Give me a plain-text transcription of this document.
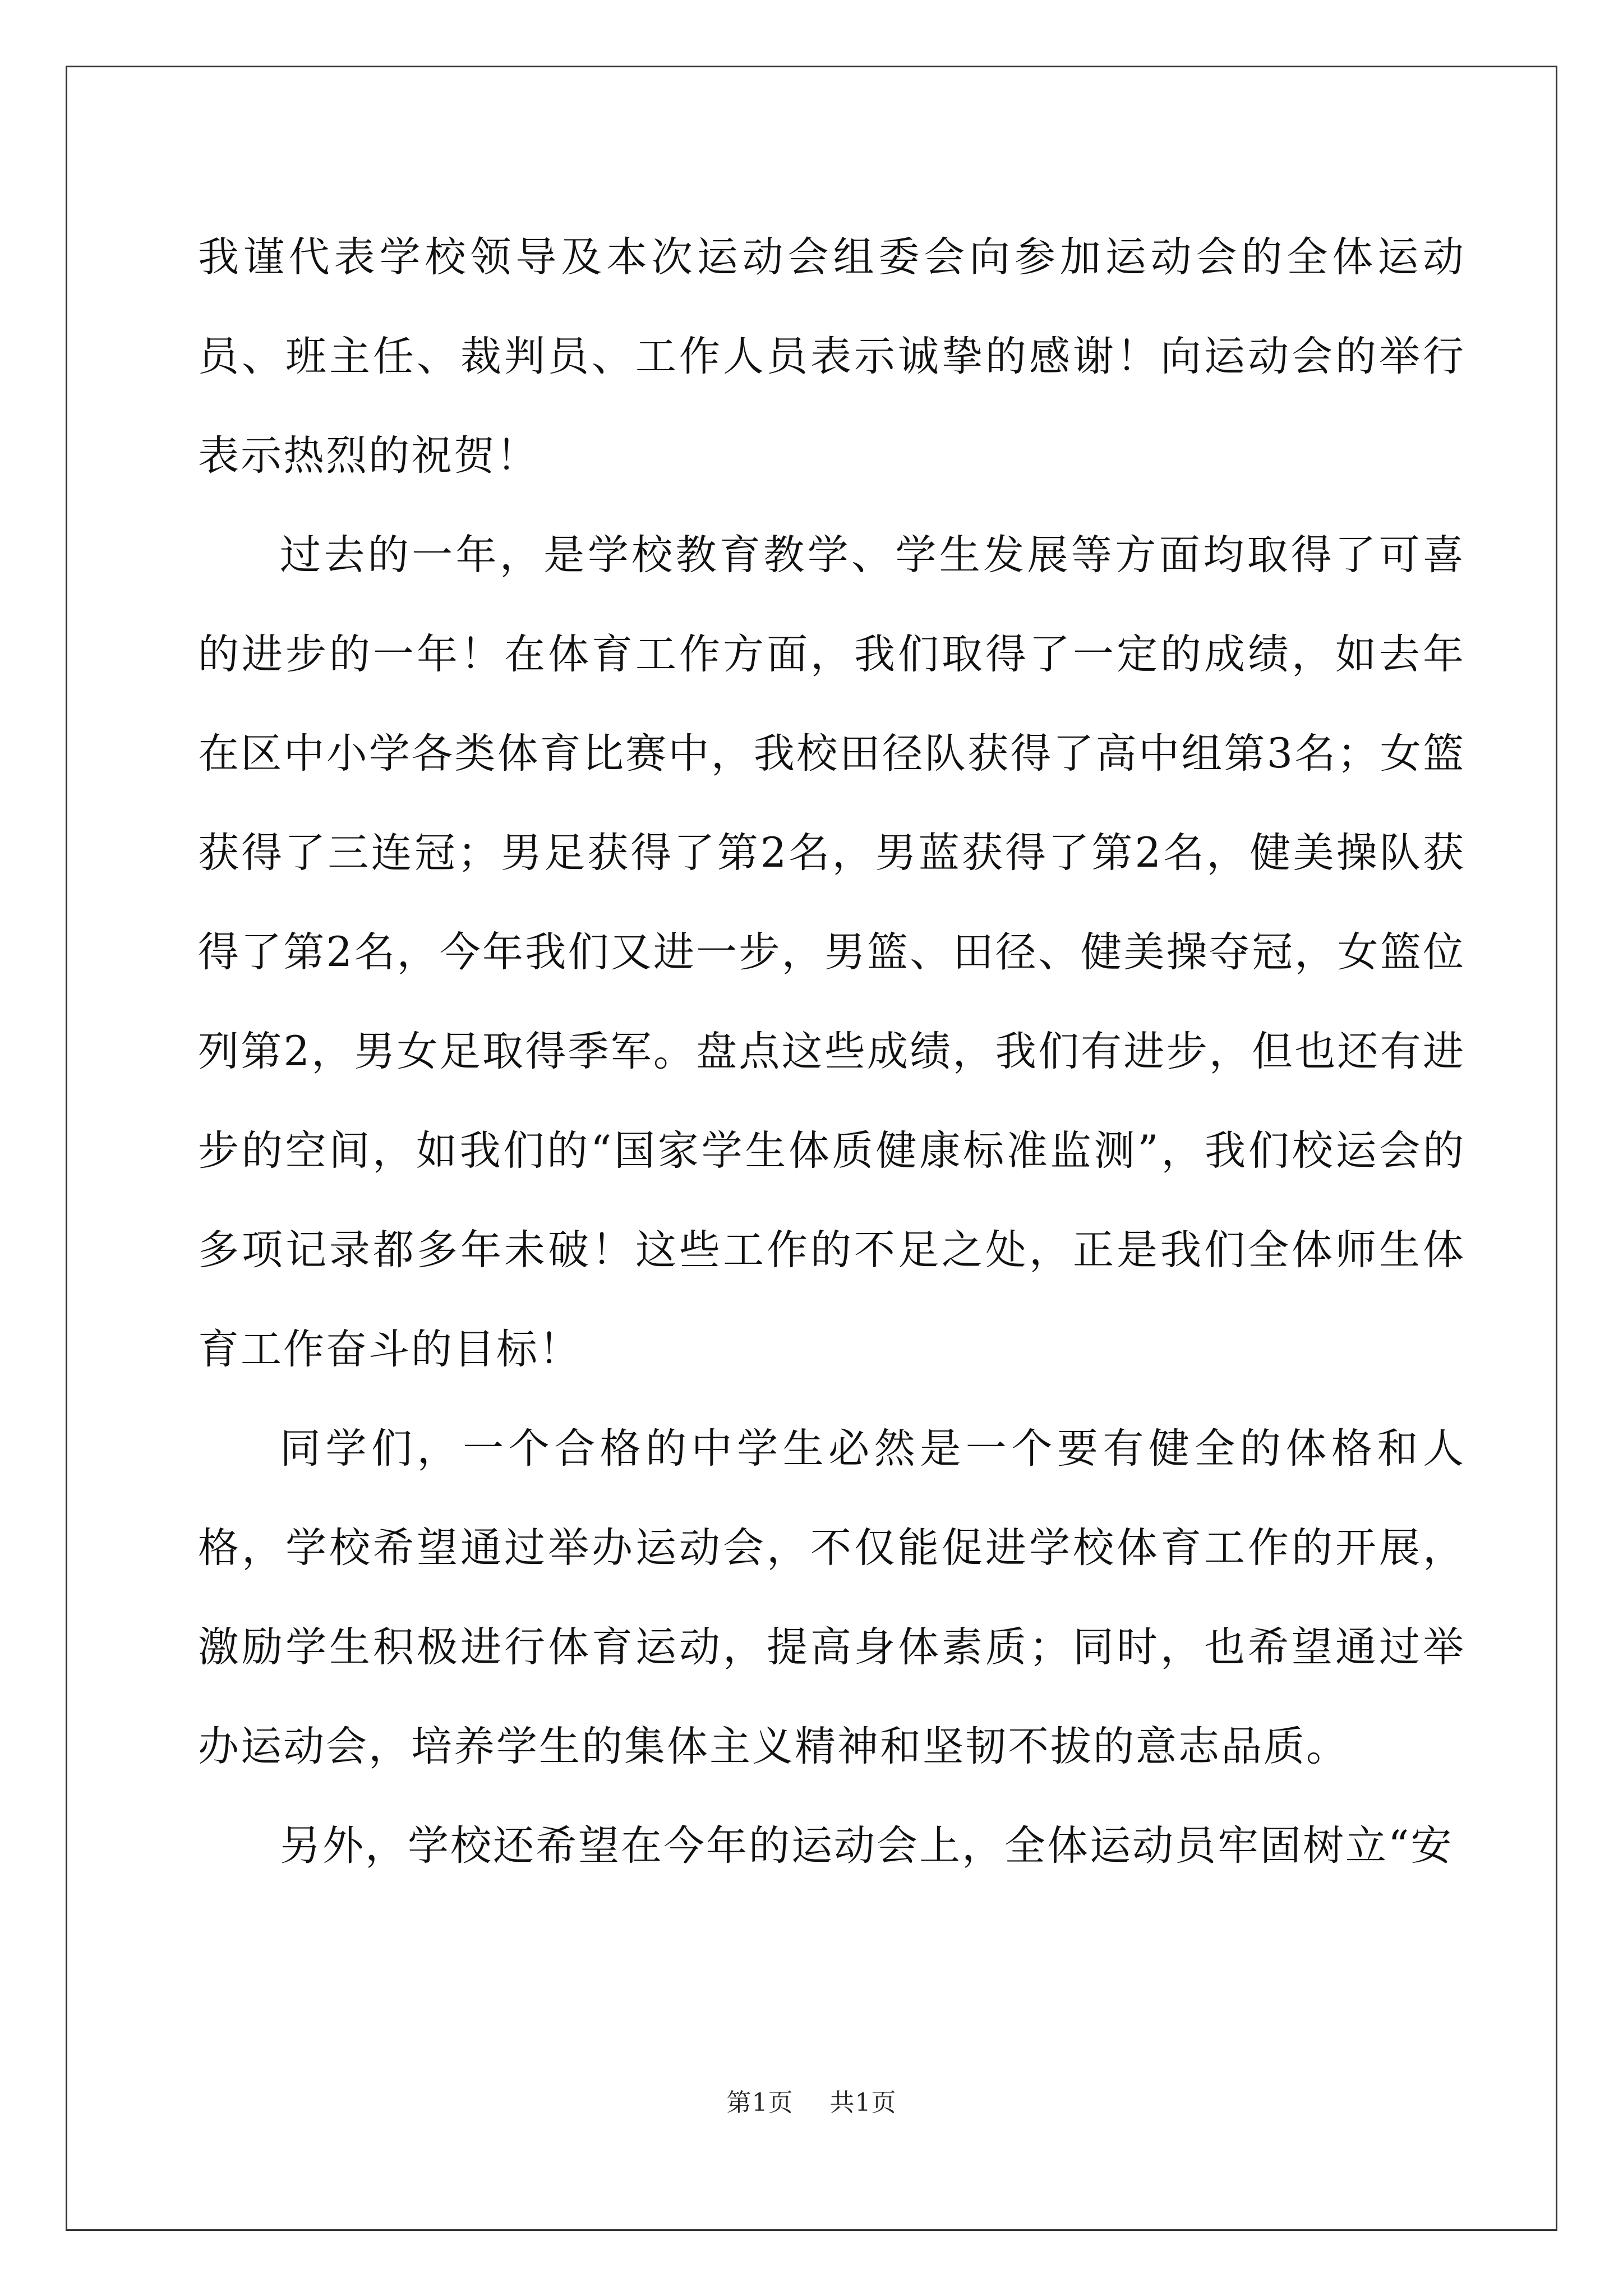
我谨代表学校领导及本次运动会组委会向参加运动会的全体运动员、班主任、裁判员、工作人员表示诚挚的感谢！向运动会的举行表示热烈的祝贺！

过去的一年，是学校教育教学、学生发展等方面均取得了可喜的进步的一年！在体育工作方面，我们取得了一定的成绩，如去年在区中小学各类体育比赛中，我校田径队获得了高中组第3名；女篮获得了三连冠；男足获得了第2名，男蓝获得了第2名，健美操队获得了第2名，今年我们又进一步，男篮、田径、健美操夺冠，女篮位列第2，男女足取得季军。盘点这些成绩，我们有进步，但也还有进步的空间，如我们的“国家学生体质健康标准监测”，我们校运会的多项记录都多年未破！这些工作的不足之处，正是我们全体师生体育工作奋斗的目标！

同学们，一个合格的中学生必然是一个要有健全的体格和人格，学校希望通过举办运动会，不仅能促进学校体育工作的开展，激励学生积极进行体育运动，提高身体素质；同时，也希望通过举办运动会，培养学生的集体主义精神和坚韧不拔的意志品质。

另外，学校还希望在今年的运动会上，全体运动员牢固树立“安

第1页 共1页
